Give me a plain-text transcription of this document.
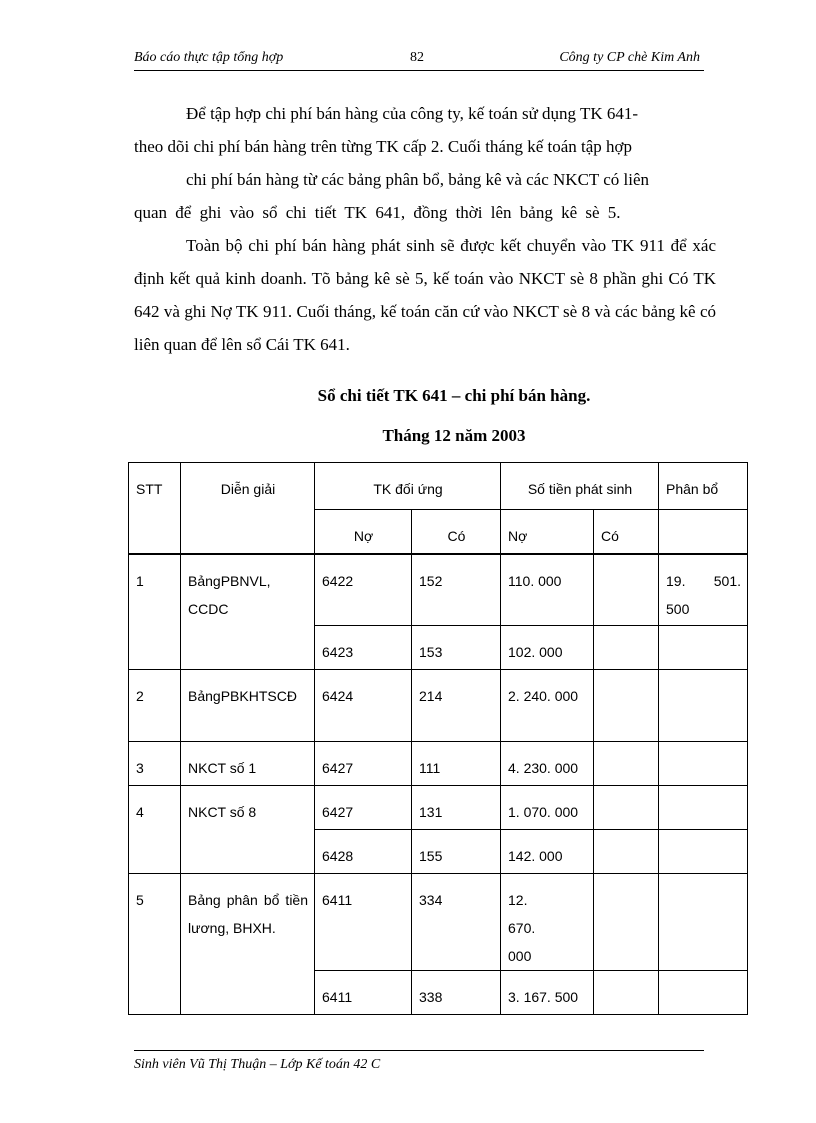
Báo cáo thực tập tổng hợp	82	Công ty CP chè Kim Anh

Để tập hợp chi phí bán hàng của công ty, kế toán sử dụng TK 641-

theo dõi chi phí bán hàng trên từng TK cấp 2. Cuối tháng kế toán tập hợp

chi phí bán hàng từ các bảng phân bổ, bảng kê và các NKCT có liên

quan để ghi vào sổ chi tiết TK 641, đồng thời lên bảng kê sè 5.

Toàn bộ chi phí bán hàng phát sinh sẽ được kết chuyển vào TK 911 để xác định kết quả kinh doanh. Tõ bảng kê sè 5, kế toán vào NKCT sè 8 phần ghi Có TK 642 và ghi Nợ TK 911. Cuối tháng, kế toán căn cứ vào NKCT sè 8 và các bảng kê có liên quan để lên sổ Cái TK 641.

Sổ chi tiết TK 641 – chi phí bán hàng.
Tháng 12 năm 2003
STT	Diễn giải	TK đối ứng		Số tiền phát sinh		Phân bổ
		Nợ	Có	Nợ	Có	
1	BảngPBNVL, CCDC	6422	152	110. 000		19. 501. 500
		6423	153	102. 000		
2	BảngPBKHTSCĐ	6424	214	2. 240. 000		
3	NKCT số 1	6427	111	4. 230. 000		
4	NKCT số 8	6427	131	1. 070. 000		
		6428	155	142. 000		
5	Bảng phân bổ tiền lương, BHXH.	6411	334	12. 670. 000		
		6411	338	3. 167. 500		
Sinh viên Vũ Thị Thuận – Lớp Kế toán 42 C
